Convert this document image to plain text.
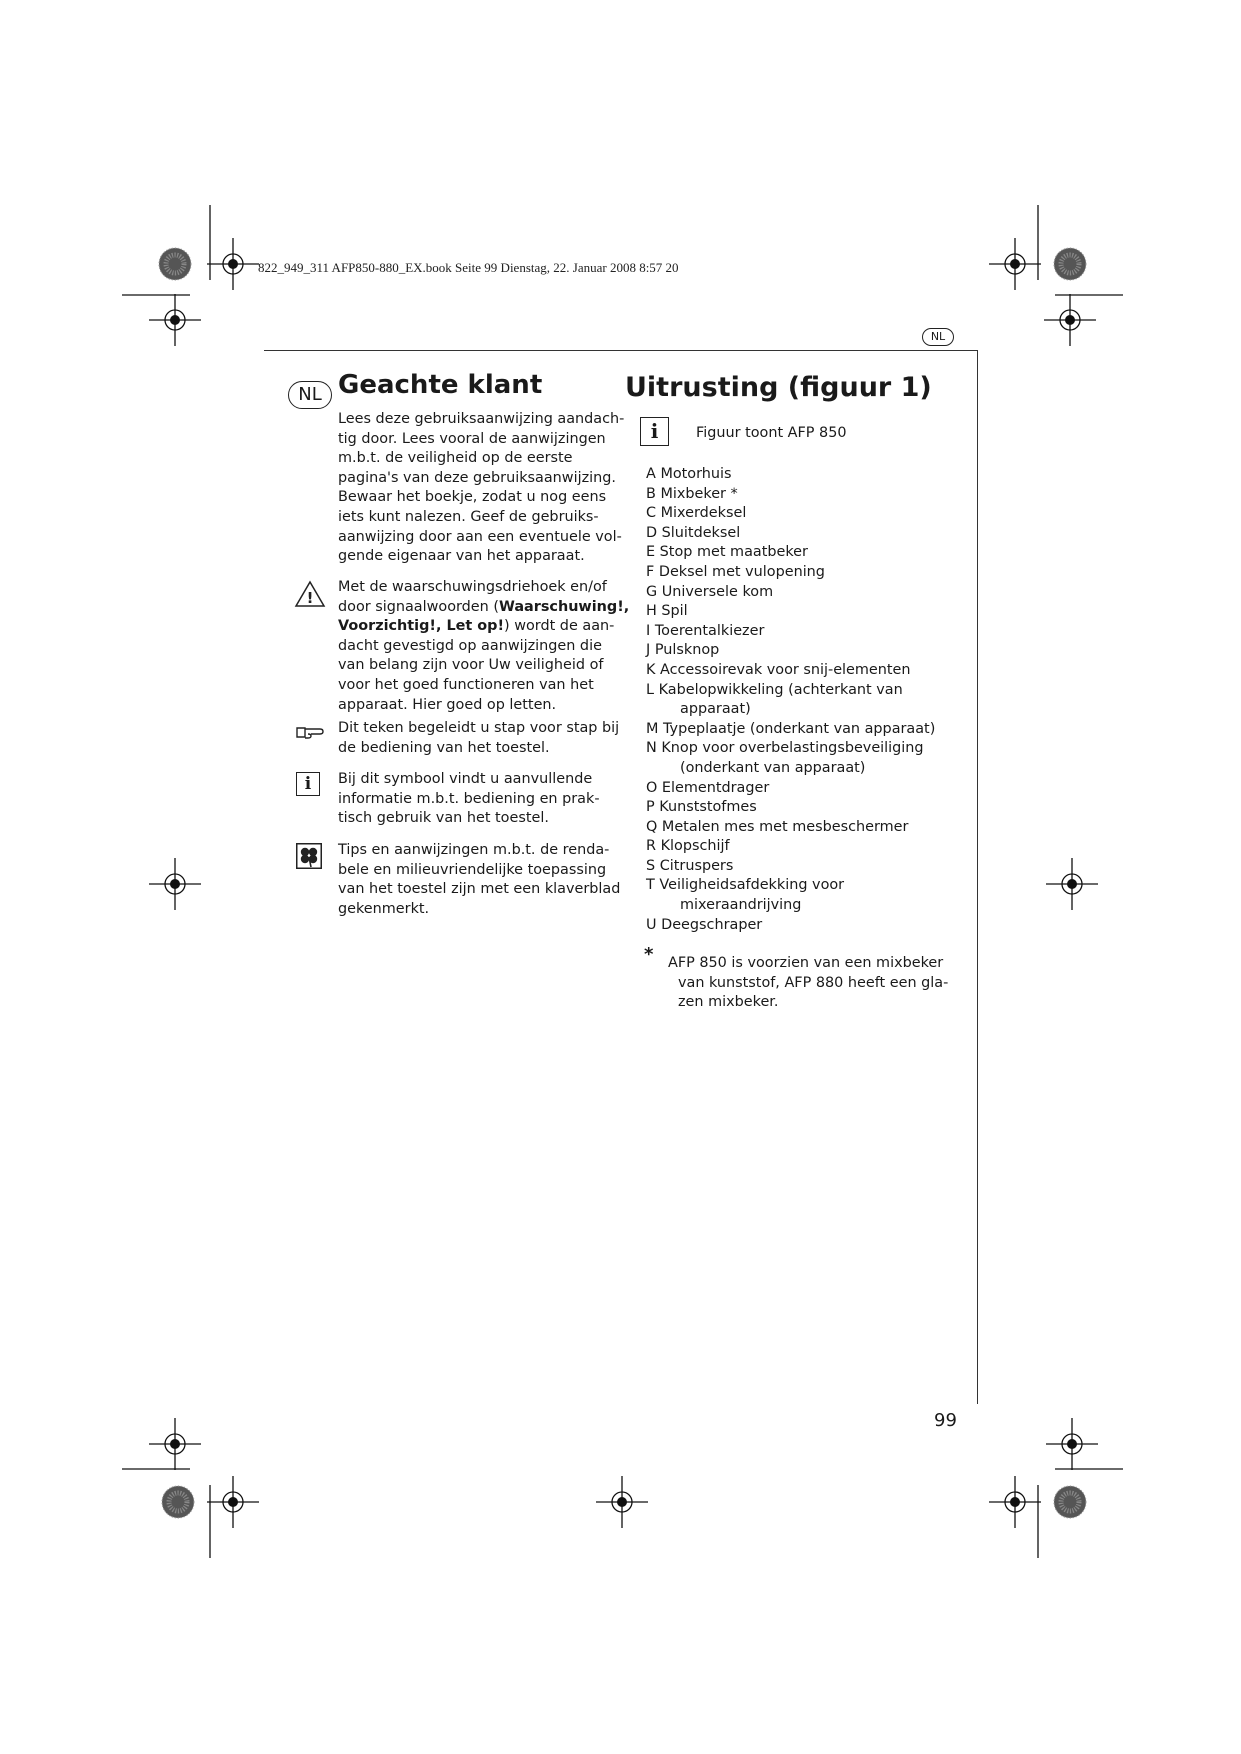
822_949_311 AFP850-880_EX.book Seite 99 Dienstag, 22. Januar 2008 8:57 20
NL
NL Geachte klant
Lees deze gebruiksaanwijzing aandach-
tig door. Lees vooral de aanwijzingen
m.b.t. de veiligheid op de eerste
pagina's van deze gebruiksaanwijzing.
Bewaar het boekje, zodat u nog eens
iets kunt nalezen. Geef de gebruiks-
aanwijzing door aan een eventuele vol-
gende eigenaar van het apparaat.
!
Met de waarschuwingsdriehoek en/of
door signaalwoorden (Waarschuwing!,
Voorzichtig!, Let op!) wordt de aan-
dacht gevestigd op aanwijzingen die
van belang zijn voor Uw veiligheid of
voor het goed functioneren van het
apparaat. Hier goed op letten.
Dit teken begeleidt u stap voor stap bij
de bediening van het toestel.
i	Bij dit symbool vindt u aanvullende
informatie m.b.t. bediening en prak-
tisch gebruik van het toestel.
Tips en aanwijzingen m.b.t. de renda-
bele en milieuvriendelijke toepassing
van het toestel zijn met een klaverblad
gekenmerkt.
Uitrusting (figuur 1)
i	Figuur toont AFP 850
A Motorhuis
B Mixbeker *
C Mixerdeksel
D Sluitdeksel
E Stop met maatbeker
F Deksel met vulopening
G Universele kom
H Spil
I Toerentalkiezer
J Pulsknop
K Accessoirevak voor snij-elementen
L Kabelopwikkeling (achterkant van
apparaat)
M Typeplaatje (onderkant van apparaat)
N Knop voor overbelastingsbeveiliging
(onderkant van apparaat)
O Elementdrager
P Kunststofmes
Q Metalen mes met mesbeschermer
R Klopschijf
S Citruspers
T Veiligheidsafdekking voor
mixeraandrijving
U Deegschraper
* AFP 850 is voorzien van een mixbeker
van kunststof, AFP 880 heeft een gla-
zen mixbeker.
99
